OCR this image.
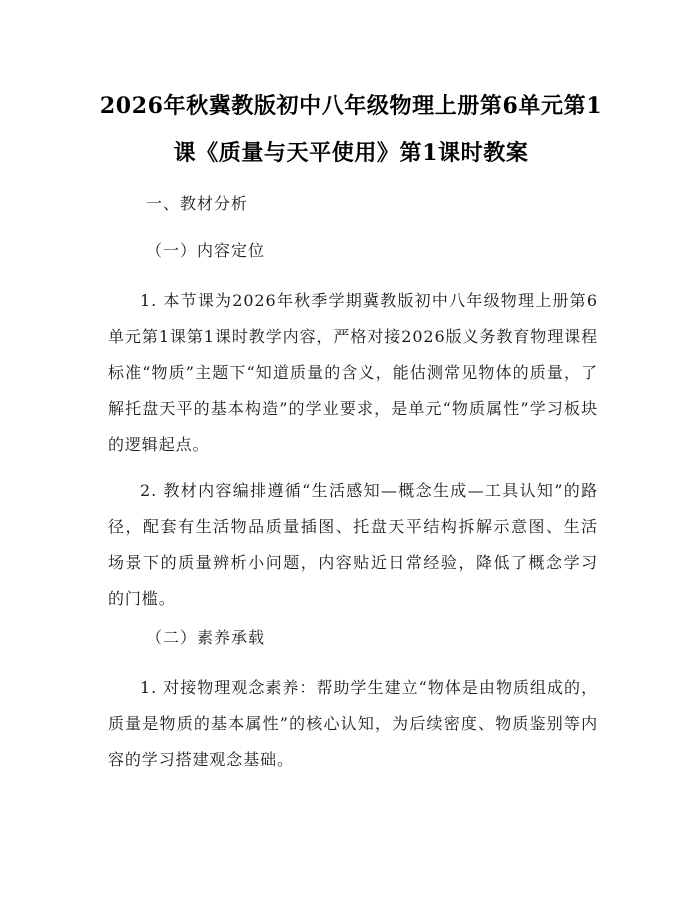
2026年秋冀教版初中八年级物理上册第6单元第1课《质量与天平使用》第1课时教案

一、教材分析

（一）内容定位

1. 本节课为2026年秋季学期冀教版初中八年级物理上册第6单元第1课第1课时教学内容，严格对接2026版义务教育物理课程标准“物质”主题下“知道质量的含义，能估测常见物体的质量，了解托盘天平的基本构造”的学业要求，是单元“物质属性”学习板块的逻辑起点。

2. 教材内容编排遵循“生活感知—概念生成—工具认知”的路径，配套有生活物品质量插图、托盘天平结构拆解示意图、生活场景下的质量辨析小问题，内容贴近日常经验，降低了概念学习的门槛。

（二）素养承载

1. 对接物理观念素养：帮助学生建立“物体是由物质组成的，质量是物质的基本属性”的核心认知，为后续密度、物质鉴别等内容的学习搭建观念基础。
